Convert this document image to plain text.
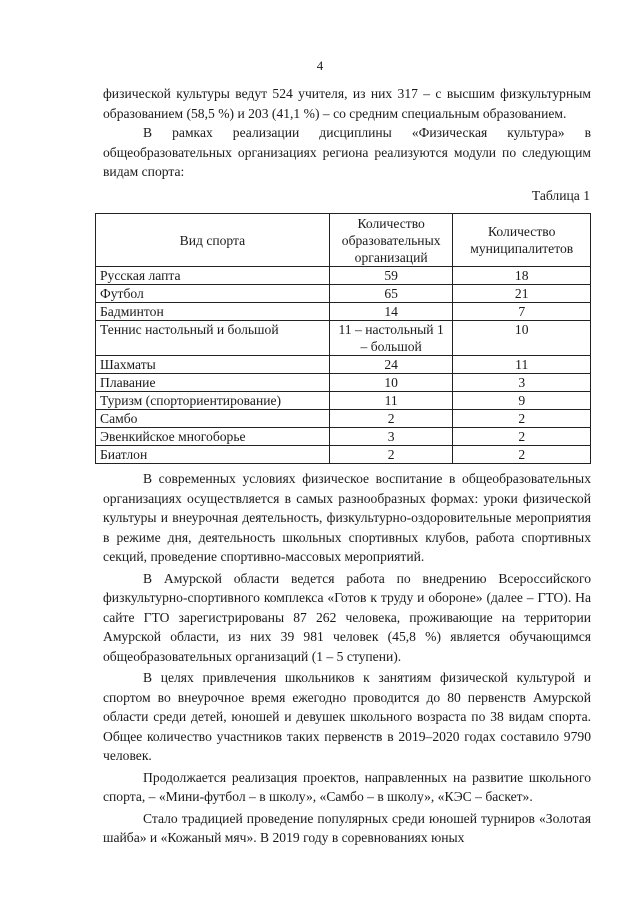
4

физической культуры ведут 524 учителя, из них 317 – с высшим физкультурным образованием (58,5 %) и 203 (41,1 %) – со средним специальным образованием.

В рамках реализации дисциплины «Физическая культура» в общеобразовательных организациях региона реализуются модули по следующим видам спорта:

Таблица 1
Вид спорта	Количество образовательных организаций	Количество муниципалитетов
Русская лапта	59	18
Футбол	65	21
Бадминтон	14	7
Теннис настольный и большой	11 – настольный 1 – большой	10
Шахматы	24	11
Плавание	10	3
Туризм (спорториентирование)	11	9
Самбо	2	2
Эвенкийское многоборье	3	2
Биатлон	2	2

В современных условиях физическое воспитание в общеобразовательных организациях осуществляется в самых разнообразных формах: уроки физической культуры и внеурочная деятельность, физкультурно-оздоровительные мероприятия в режиме дня, деятельность школьных спортивных клубов, работа спортивных секций, проведение спортивно-массовых мероприятий.

В Амурской области ведется работа по внедрению Всероссийского физкультурно-спортивного комплекса «Готов к труду и обороне» (далее – ГТО). На сайте ГТО зарегистрированы 87 262 человека, проживающие на территории Амурской области, из них 39 981 человек (45,8 %) является обучающимся общеобразовательных организаций (1 – 5 ступени).

В целях привлечения школьников к занятиям физической культурой и спортом во внеурочное время ежегодно проводится до 80 первенств Амурской области среди детей, юношей и девушек школьного возраста по 38 видам спорта. Общее количество участников таких первенств в 2019–2020 годах составило 9790 человек.

Продолжается реализация проектов, направленных на развитие школьного спорта, – «Мини-футбол – в школу», «Самбо – в школу», «КЭС – баскет».

Стало традицией проведение популярных среди юношей турниров «Золотая шайба» и «Кожаный мяч». В 2019 году в соревнованиях юных
